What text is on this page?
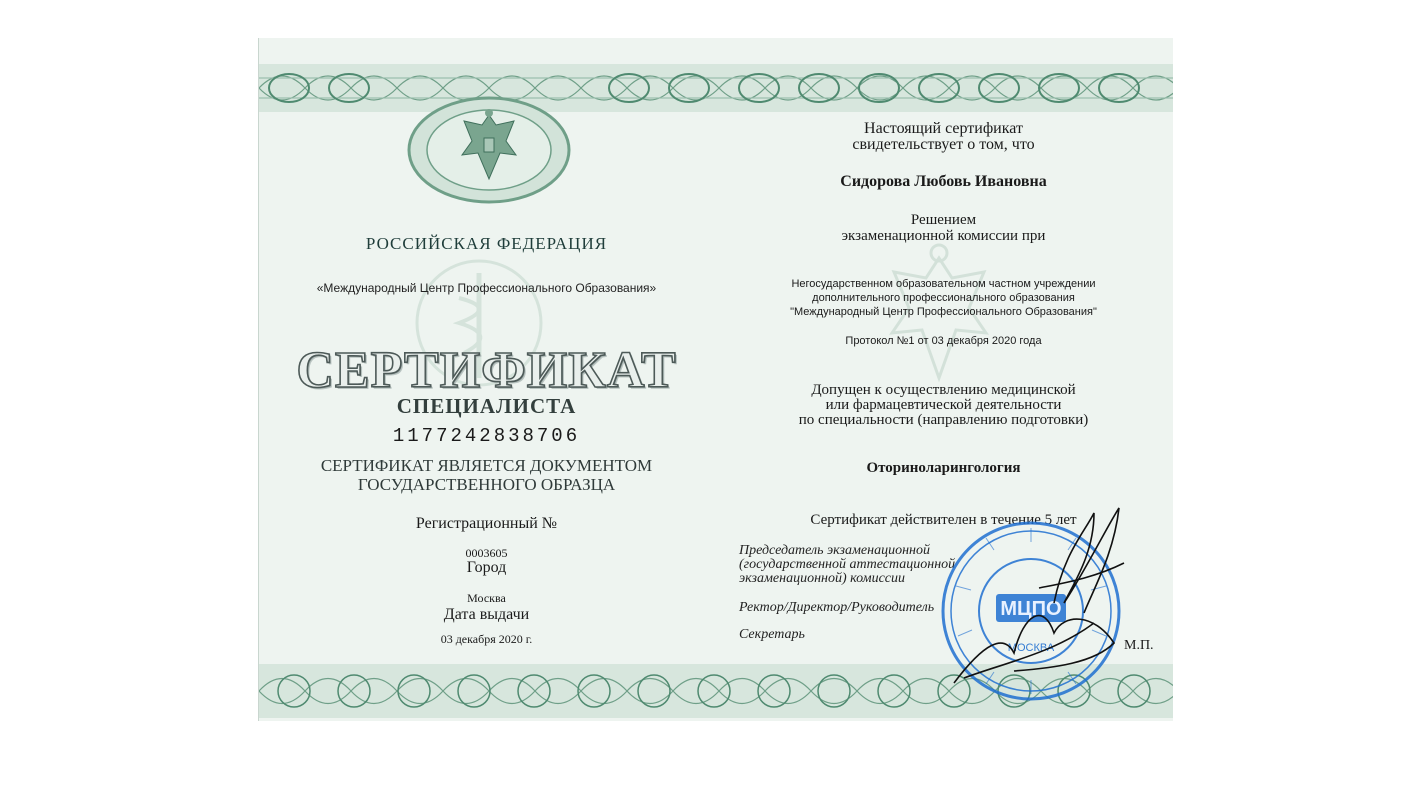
РОССИЙСКАЯ ФЕДЕРАЦИЯ
«Международный Центр Профессионального Образования»
СЕРТИФИКАТ
СПЕЦИАЛИСТА
1177242838706
СЕРТИФИКАТ ЯВЛЯЕТСЯ ДОКУМЕНТОМ
ГОСУДАРСТВЕННОГО ОБРАЗЦА
Регистрационный №
0003605
Город
Москва
Дата выдачи
03 декабря 2020 г.
Настоящий сертификат
свидетельствует о том, что
Сидорова Любовь Ивановна
Решением
экзаменационной комиссии при
Негосударственном образовательном частном учреждении
дополнительного профессионального образования
"Международный Центр Профессионального Образования"
Протокол №1 от 03 декабря 2020 года
Допущен к осуществлению медицинской
или фармацевтической деятельности
по специальности (направлению подготовки)
Оториноларингология
Сертификат действителен в течение 5 лет
Председатель экзаменационной
(государственной аттестационной
экзаменационной) комиссии
Ректор/Директор/Руководитель
Секретарь
МЦПО
МОСКВА	М.П.
